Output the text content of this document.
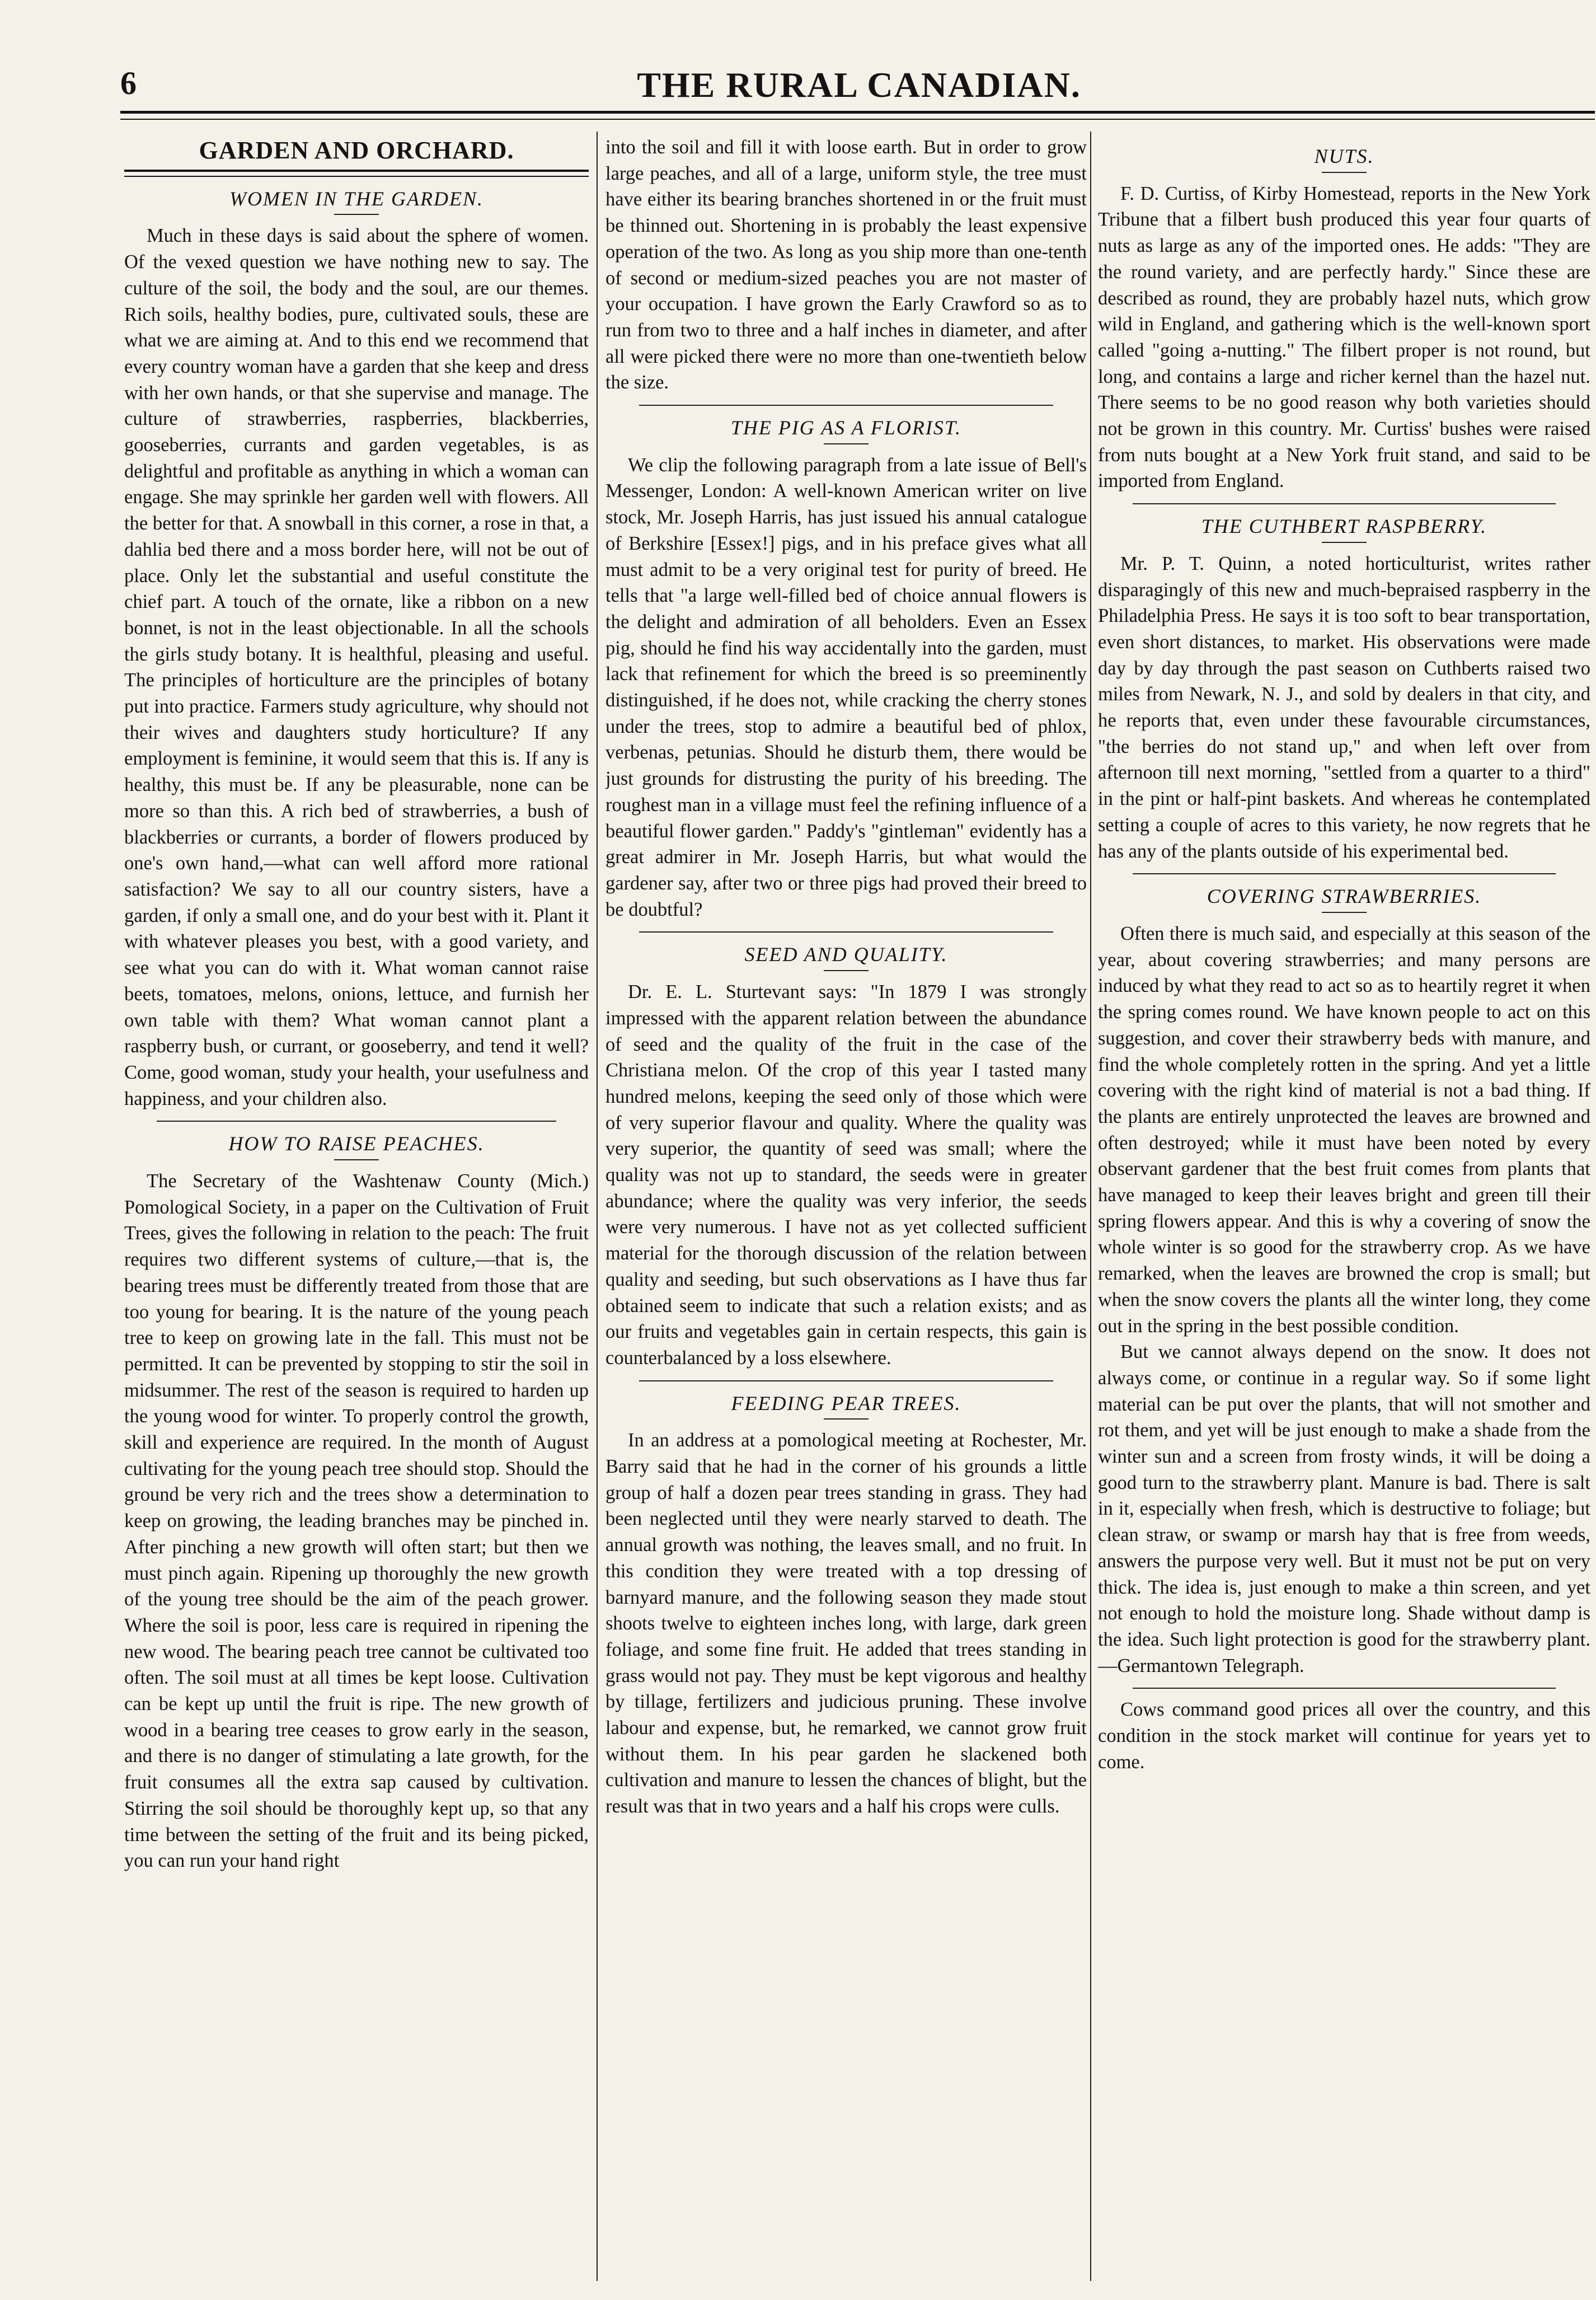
6	THE RURAL CANADIAN.
GARDEN AND ORCHARD.
WOMEN IN THE GARDEN.

Much in these days is said about the sphere of women. Of the vexed question we have nothing new to say. The culture of the soil, the body and the soul, are our themes. Rich soils, healthy bodies, pure, cultivated souls, these are what we are aiming at. And to this end we recommend that every country woman have a garden that she keep and dress with her own hands, or that she supervise and manage. The culture of strawberries, raspberries, blackberries, gooseberries, currants and garden vegetables, is as delightful and profitable as anything in which a woman can engage. She may sprinkle her garden well with flowers. All the better for that. A snowball in this corner, a rose in that, a dahlia bed there and a moss border here, will not be out of place. Only let the substantial and useful constitute the chief part. A touch of the ornate, like a ribbon on a new bonnet, is not in the least objectionable. In all the schools the girls study botany. It is healthful, pleasing and useful. The principles of horticulture are the principles of botany put into practice. Farmers study agriculture, why should not their wives and daughters study horticulture? If any employment is feminine, it would seem that this is. If any is healthy, this must be. If any be pleasurable, none can be more so than this. A rich bed of strawberries, a bush of blackberries or currants, a border of flowers produced by one's own hand,—what can well afford more rational satisfaction? We say to all our country sisters, have a garden, if only a small one, and do your best with it. Plant it with whatever pleases you best, with a good variety, and see what you can do with it. What woman cannot raise beets, tomatoes, melons, onions, lettuce, and furnish her own table with them? What woman cannot plant a raspberry bush, or currant, or gooseberry, and tend it well? Come, good woman, study your health, your usefulness and happiness, and your children also.

HOW TO RAISE PEACHES.

The Secretary of the Washtenaw County (Mich.) Pomological Society, in a paper on the Cultivation of Fruit Trees, gives the following in relation to the peach: The fruit requires two different systems of culture,—that is, the bearing trees must be differently treated from those that are too young for bearing. It is the nature of the young peach tree to keep on growing late in the fall. This must not be permitted. It can be prevented by stopping to stir the soil in midsummer. The rest of the season is required to harden up the young wood for winter. To properly control the growth, skill and experience are required. In the month of August cultivating for the young peach tree should stop. Should the ground be very rich and the trees show a determination to keep on growing, the leading branches may be pinched in. After pinching a new growth will often start; but then we must pinch again. Ripening up thoroughly the new growth of the young tree should be the aim of the peach grower. Where the soil is poor, less care is required in ripening the new wood. The bearing peach tree cannot be cultivated too often. The soil must at all times be kept loose. Cultivation can be kept up until the fruit is ripe. The new growth of wood in a bearing tree ceases to grow early in the season, and there is no danger of stimulating a late growth, for the fruit consumes all the extra sap caused by cultivation. Stirring the soil should be thoroughly kept up, so that any time between the setting of the fruit and its being picked, you can run your hand right

into the soil and fill it with loose earth. But in order to grow large peaches, and all of a large, uniform style, the tree must have either its bearing branches shortened in or the fruit must be thinned out. Shortening in is probably the least expensive operation of the two. As long as you ship more than one-tenth of second or medium-sized peaches you are not master of your occupation. I have grown the Early Crawford so as to run from two to three and a half inches in diameter, and after all were picked there were no more than one-twentieth below the size.

THE PIG AS A FLORIST.

We clip the following paragraph from a late issue of Bell's Messenger, London: A well-known American writer on live stock, Mr. Joseph Harris, has just issued his annual catalogue of Berkshire [Essex!] pigs, and in his preface gives what all must admit to be a very original test for purity of breed. He tells that "a large well-filled bed of choice annual flowers is the delight and admiration of all beholders. Even an Essex pig, should he find his way accidentally into the garden, must lack that refinement for which the breed is so preeminently distinguished, if he does not, while cracking the cherry stones under the trees, stop to admire a beautiful bed of phlox, verbenas, petunias. Should he disturb them, there would be just grounds for distrusting the purity of his breeding. The roughest man in a village must feel the refining influence of a beautiful flower garden." Paddy's "gintleman" evidently has a great admirer in Mr. Joseph Harris, but what would the gardener say, after two or three pigs had proved their breed to be doubtful?

SEED AND QUALITY.

Dr. E. L. Sturtevant says: "In 1879 I was strongly impressed with the apparent relation between the abundance of seed and the quality of the fruit in the case of the Christiana melon. Of the crop of this year I tasted many hundred melons, keeping the seed only of those which were of very superior flavour and quality. Where the quality was very superior, the quantity of seed was small; where the quality was not up to standard, the seeds were in greater abundance; where the quality was very inferior, the seeds were very numerous. I have not as yet collected sufficient material for the thorough discussion of the relation between quality and seeding, but such observations as I have thus far obtained seem to indicate that such a relation exists; and as our fruits and vegetables gain in certain respects, this gain is counterbalanced by a loss elsewhere.

FEEDING PEAR TREES.

In an address at a pomological meeting at Rochester, Mr. Barry said that he had in the corner of his grounds a little group of half a dozen pear trees standing in grass. They had been neglected until they were nearly starved to death. The annual growth was nothing, the leaves small, and no fruit. In this condition they were treated with a top dressing of barnyard manure, and the following season they made stout shoots twelve to eighteen inches long, with large, dark green foliage, and some fine fruit. He added that trees standing in grass would not pay. They must be kept vigorous and healthy by tillage, fertilizers and judicious pruning. These involve labour and expense, but, he remarked, we cannot grow fruit without them. In his pear garden he slackened both cultivation and manure to lessen the chances of blight, but the result was that in two years and a half his crops were culls.

NUTS.

F. D. Curtiss, of Kirby Homestead, reports in the New York Tribune that a filbert bush produced this year four quarts of nuts as large as any of the imported ones. He adds: "They are the round variety, and are perfectly hardy." Since these are described as round, they are probably hazel nuts, which grow wild in England, and gathering which is the well-known sport called "going a-nutting." The filbert proper is not round, but long, and contains a large and richer kernel than the hazel nut. There seems to be no good reason why both varieties should not be grown in this country. Mr. Curtiss' bushes were raised from nuts bought at a New York fruit stand, and said to be imported from England.

THE CUTHBERT RASPBERRY.

Mr. P. T. Quinn, a noted horticulturist, writes rather disparagingly of this new and much-bepraised raspberry in the Philadelphia Press. He says it is too soft to bear transportation, even short distances, to market. His observations were made day by day through the past season on Cuthberts raised two miles from Newark, N. J., and sold by dealers in that city, and he reports that, even under these favourable circumstances, "the berries do not stand up," and when left over from afternoon till next morning, "settled from a quarter to a third" in the pint or half-pint baskets. And whereas he contemplated setting a couple of acres to this variety, he now regrets that he has any of the plants outside of his experimental bed.

COVERING STRAWBERRIES.

Often there is much said, and especially at this season of the year, about covering strawberries; and many persons are induced by what they read to act so as to heartily regret it when the spring comes round. We have known people to act on this suggestion, and cover their strawberry beds with manure, and find the whole completely rotten in the spring. And yet a little covering with the right kind of material is not a bad thing. If the plants are entirely unprotected the leaves are browned and often destroyed; while it must have been noted by every observant gardener that the best fruit comes from plants that have managed to keep their leaves bright and green till their spring flowers appear. And this is why a covering of snow the whole winter is so good for the strawberry crop. As we have remarked, when the leaves are browned the crop is small; but when the snow covers the plants all the winter long, they come out in the spring in the best possible condition.

But we cannot always depend on the snow. It does not always come, or continue in a regular way. So if some light material can be put over the plants, that will not smother and rot them, and yet will be just enough to make a shade from the winter sun and a screen from frosty winds, it will be doing a good turn to the strawberry plant. Manure is bad. There is salt in it, especially when fresh, which is destructive to foliage; but clean straw, or swamp or marsh hay that is free from weeds, answers the purpose very well. But it must not be put on very thick. The idea is, just enough to make a thin screen, and yet not enough to hold the moisture long. Shade without damp is the idea. Such light protection is good for the strawberry plant.—Germantown Telegraph.

Cows command good prices all over the country, and this condition in the stock market will continue for years yet to come.
